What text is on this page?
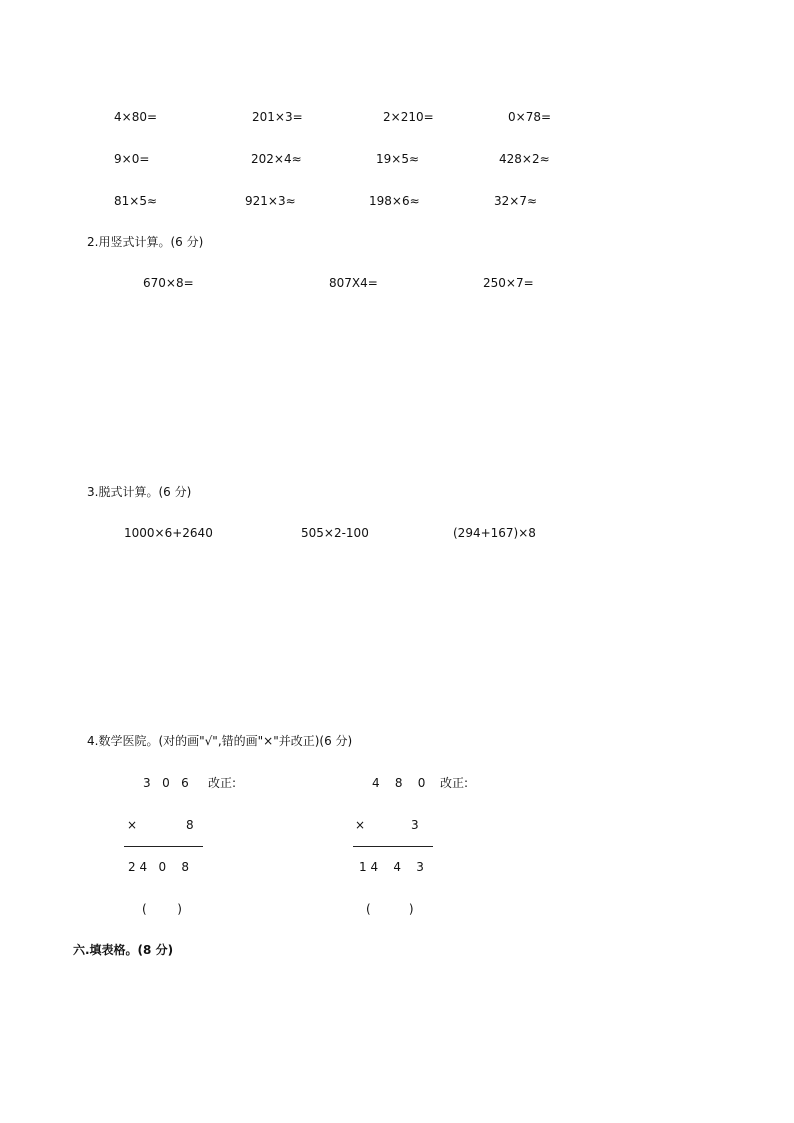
4×80=	201×3=	2×210=	0×78=
9×0=	202×4≈	19×5≈	428×2≈
81×5≈	921×3≈	198×6≈	32×7≈
2.用竖式计算。(6 分)
670×8=	807X4=	250×7=
3.脱式计算。(6 分)
1000×6+2640	505×2-100	(294+167)×8
4.数学医院。(对的画"√",错的画"×"并改正)(6 分)
3   0   6 改正:
×	8
2 4   0    8
(        )
4    8    0 改正:
×	3
1 4    4    3
(          )
六.填表格。(8 分)
